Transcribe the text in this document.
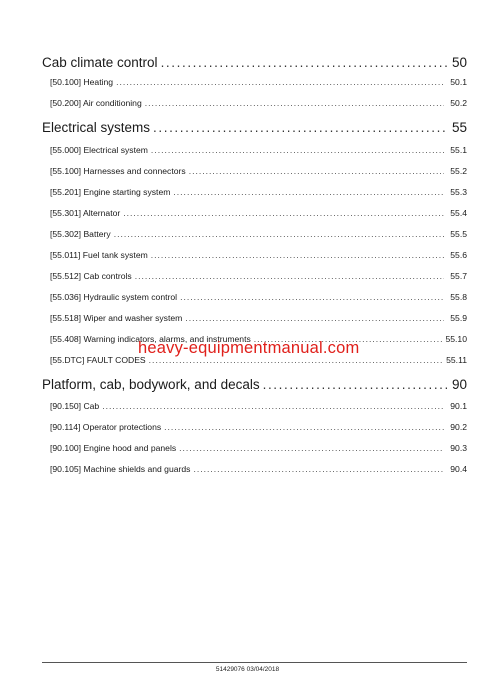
Cab climate control .....	50
[50.100] Heating .....	50.1
[50.200] Air conditioning .....	50.2
Electrical systems .....	55
[55.000] Electrical system .....	55.1
[55.100] Harnesses and connectors .....	55.2
[55.201] Engine starting system .....	55.3
[55.301] Alternator .....	55.4
[55.302] Battery .....	55.5
[55.011] Fuel tank system .....	55.6
[55.512] Cab controls .....	55.7
[55.036] Hydraulic system control .....	55.8
[55.518] Wiper and washer system .....	55.9
[55.408] Warning indicators, alarms, and instruments .....	55.10
[55.DTC] FAULT CODES .....	55.11
Platform, cab, bodywork, and decals .....	90
[90.150] Cab .....	90.1
[90.114] Operator protections .....	90.2
[90.100] Engine hood and panels .....	90.3
[90.105] Machine shields and guards .....	90.4
heavy-equipmentmanual.com
51429076 03/04/2018
